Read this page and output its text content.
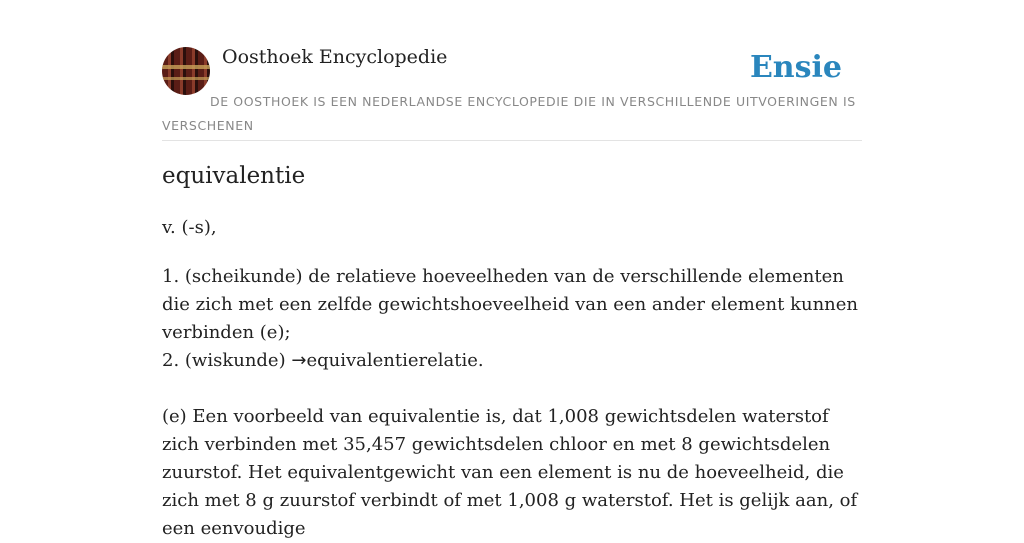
Oosthoek Encyclopedie	Ensie
DE OOSTHOEK IS EEN NEDERLANDSE ENCYCLOPEDIE DIE IN VERSCHILLENDE UITVOERINGEN IS VERSCHENEN
equivalentie
v. (-s),

1. (scheikunde) de relatieve hoeveelheden van de verschillende elementen die zich met een zelfde gewichtshoeveelheid van een ander element kunnen verbinden (e);

2. (wiskunde) →equivalentierelatie.

(e) Een voorbeeld van equivalentie is, dat 1,008 gewichtsdelen waterstof zich verbinden met 35,457 gewichtsdelen chloor en met 8 gewichtsdelen zuurstof. Het equivalentgewicht van een element is nu de hoeveelheid, die zich met 8 g zuurstof verbindt of met 1,008 g waterstof. Het is gelijk aan, of een eenvoudige
